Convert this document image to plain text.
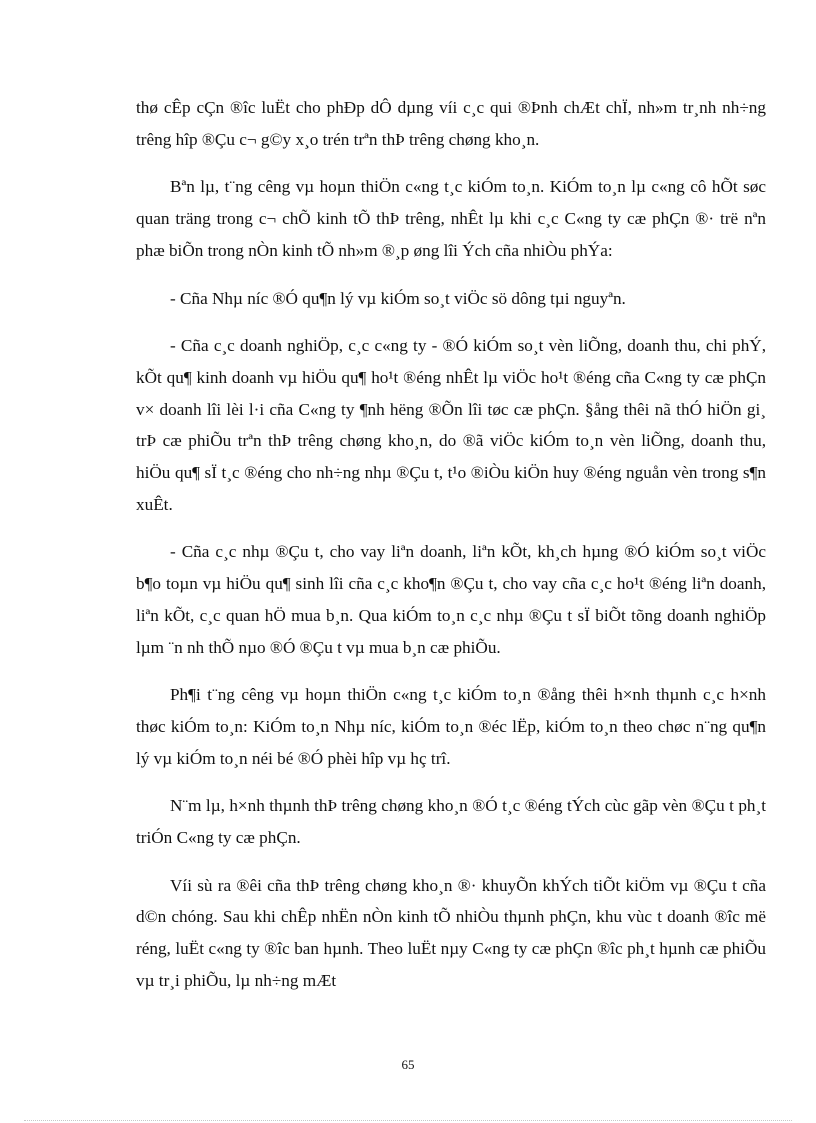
thø cÊp cÇn ®îc luËt cho phÐp dÔ dµng víi c¸c qui ®Þnh chÆt chÏ, nh»m tr¸nh nh÷ng trêng hîp ®Çu c¬ g©y x¸o trén trªn thÞ trêng chøng kho¸n.

Bªn lµ, t¨ng cêng vµ hoµn thiÖn c«ng t¸c kiÓm to¸n. KiÓm to¸n lµ c«ng cô hÕt søc quan träng trong c¬ chÕ kinh tÕ thÞ trêng, nhÊt lµ khi c¸c C«ng ty cæ phÇn ®· trë nªn phæ biÕn trong nÒn kinh tÕ nh»m ®¸p øng lîi Ých cña nhiÒu phÝa:

- Cña Nhµ níc ®Ó qu¶n lý vµ kiÓm so¸t viÖc sö dông tµi nguyªn.

- Cña c¸c doanh nghiÖp, c¸c c«ng ty - ®Ó kiÓm so¸t vèn liÕng, doanh thu, chi phÝ, kÕt qu¶ kinh doanh vµ hiÖu qu¶ ho¹t ®éng nhÊt lµ viÖc ho¹t ®éng cña C«ng ty cæ phÇn v× doanh lîi lèi l·i cña C«ng ty ¶nh hëng ®Õn lîi tøc cæ phÇn. §ång thêi nã thÓ hiÖn gi¸ trÞ cæ phiÕu trªn thÞ trêng chøng kho¸n, do ®ã viÖc kiÓm to¸n vèn liÕng, doanh thu, hiÖu qu¶ sÏ t¸c ®éng cho nh÷ng nhµ ®Çu t, t¹o ®iÒu kiÖn huy ®éng nguån vèn trong s¶n xuÊt.

- Cña c¸c nhµ ®Çu t, cho vay liªn doanh, liªn kÕt, kh¸ch hµng ®Ó kiÓm so¸t viÖc b¶o toµn vµ hiÖu qu¶ sinh lîi cña c¸c kho¶n ®Çu t, cho vay cña c¸c ho¹t ®éng liªn doanh, liªn kÕt, c¸c quan hÖ mua b¸n. Qua kiÓm to¸n c¸c nhµ ®Çu t sÏ biÕt tõng doanh nghiÖp lµm ¨n nh thÕ nµo ®Ó ®Çu t vµ mua b¸n cæ phiÕu.

Ph¶i t¨ng cêng vµ hoµn thiÖn c«ng t¸c kiÓm to¸n ®ång thêi h×nh thµnh c¸c h×nh thøc kiÓm to¸n: KiÓm to¸n Nhµ níc, kiÓm to¸n ®éc lËp, kiÓm to¸n theo chøc n¨ng qu¶n lý vµ kiÓm to¸n néi bé ®Ó phèi hîp vµ hç trî.

N¨m lµ, h×nh thµnh thÞ trêng chøng kho¸n ®Ó t¸c ®éng tÝch cùc gãp vèn ®Çu t ph¸t triÓn C«ng ty cæ phÇn.

Víi sù ra ®êi cña thÞ trêng chøng kho¸n ®· khuyÕn khÝch tiÕt kiÖm vµ ®Çu t cña d©n chóng. Sau khi chÊp nhËn nÒn kinh tÕ nhiÒu thµnh phÇn, khu vùc t doanh ®îc më réng, luËt c«ng ty ®îc ban hµnh. Theo luËt nµy C«ng ty cæ phÇn ®îc ph¸t hµnh cæ phiÕu vµ tr¸i phiÕu, lµ nh÷ng mÆt

65
